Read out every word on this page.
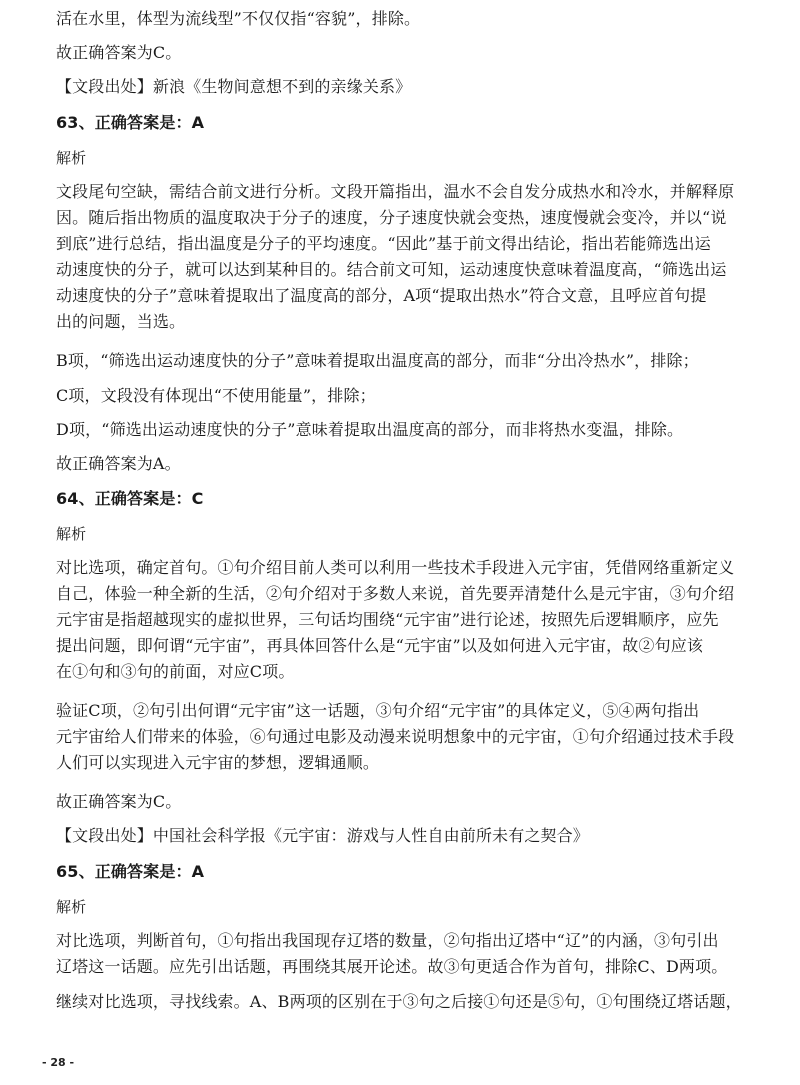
活在水里，体型为流线型”不仅仅指“容貌”，排除。
故正确答案为C。
【文段出处】新浪《生物间意想不到的亲缘关系》
63、正确答案是：A
解析
文段尾句空缺，需结合前文进行分析。文段开篇指出，温水不会自发分成热水和冷水，并解释原
因。随后指出物质的温度取决于分子的速度，分子速度快就会变热，速度慢就会变冷，并以“说
到底”进行总结，指出温度是分子的平均速度。“因此”基于前文得出结论，指出若能筛选出运
动速度快的分子，就可以达到某种目的。结合前文可知，运动速度快意味着温度高，“筛选出运
动速度快的分子”意味着提取出了温度高的部分，A项“提取出热水”符合文意，且呼应首句提
出的问题，当选。
B项，“筛选出运动速度快的分子”意味着提取出温度高的部分，而非“分出冷热水”，排除；
C项，文段没有体现出“不使用能量”，排除；
D项，“筛选出运动速度快的分子”意味着提取出温度高的部分，而非将热水变温，排除。
故正确答案为A。
64、正确答案是：C
解析
对比选项，确定首句。①句介绍目前人类可以利用一些技术手段进入元宇宙，凭借网络重新定义
自己，体验一种全新的生活，②句介绍对于多数人来说，首先要弄清楚什么是元宇宙，③句介绍
元宇宙是指超越现实的虚拟世界，三句话均围绕“元宇宙”进行论述，按照先后逻辑顺序，应先
提出问题，即何谓“元宇宙”，再具体回答什么是“元宇宙”以及如何进入元宇宙，故②句应该
在①句和③句的前面，对应C项。
验证C项，②句引出何谓“元宇宙”这一话题，③句介绍“元宇宙”的具体定义，⑤④两句指出
元宇宙给人们带来的体验，⑥句通过电影及动漫来说明想象中的元宇宙，①句介绍通过技术手段
人们可以实现进入元宇宙的梦想，逻辑通顺。
故正确答案为C。
【文段出处】中国社会科学报《元宇宙：游戏与人性自由前所未有之契合》
65、正确答案是：A
解析
对比选项，判断首句，①句指出我国现存辽塔的数量，②句指出辽塔中“辽”的内涵，③句引出
辽塔这一话题。应先引出话题，再围绕其展开论述。故③句更适合作为首句，排除C、D两项。
继续对比选项，寻找线索。A、B两项的区别在于③句之后接①句还是⑤句，①句围绕辽塔话题，
- 28 -
